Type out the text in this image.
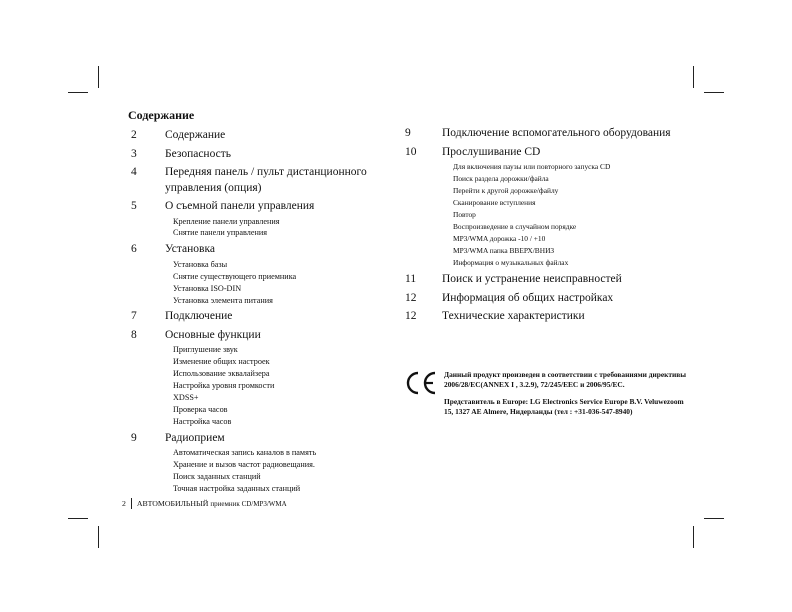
Содержание
2 Содержание
3 Безопасность
4 Передняя панель / пульт дистанционного управления (опция)
5 О съемной панели управления
Крепление панели управления
Снятие панели управления
6 Установка
Установка базы
Снятие существующего приемника
Установка ISO-DIN
Установка элемента питания
7 Подключение
8 Основные функции
Приглушение звук
Изменение общих настроек
Использование эквалайзера
Настройка уровня громкости
XDSS+
Проверка часов
Настройка часов
9 Радиоприем
Автоматическая запись каналов в память
Хранение и вызов частот радиовещания.
Поиск заданных станций
Точная настройка заданных станций
9	Подключение вспомогательного оборудования
10 Прослушивание CD
Для включения паузы или повторного запуска CD
Поиск раздела дорожки/файла
Перейти к другой дорожке/файлу
Сканирование вступления
Повтор
Воспроизведение в случайном порядке
MP3/WMA дорожка -10 / +10
MP3/WMA папка ВВЕРХ/ВНИЗ
Информация о музыкальных файлах
11 Поиск и устранение неисправностей
12 Информация об общих настройках
12 Технические характеристики

Данный продукт произведен в соответствии с требованиями директивы 2006/28/EC(ANNEX I , 3.2.9), 72/245/EEC и 2006/95/EC.

Представитель в Europe: LG Electronics Service Europe B.V. Veluwezoom 15, 1327 AE Almere, Нидерланды (тел : +31-036-547-8940)

2 АВТОМОБИЛЬНЫЙ
приемник CD/MP3/WMA
